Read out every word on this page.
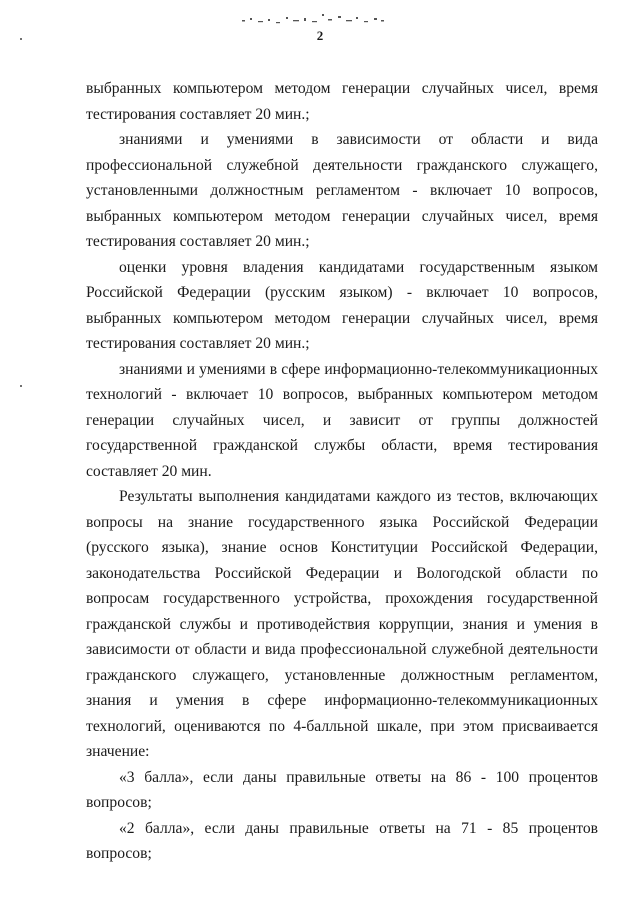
2

выбранных компьютером методом генерации случайных чисел, время тестирования составляет 20 мин.;

знаниями и умениями в зависимости от области и вида профессиональной служебной деятельности гражданского служащего, установленными должностным регламентом - включает 10 вопросов, выбранных компьютером методом генерации случайных чисел, время тестирования составляет 20 мин.;

оценки уровня владения кандидатами государственным языком Российской Федерации (русским языком) - включает 10 вопросов, выбранных компьютером методом генерации случайных чисел, время тестирования составляет 20 мин.;

знаниями и умениями в сфере информационно-телекоммуникационных технологий - включает 10 вопросов, выбранных компьютером методом генерации случайных чисел, и зависит от группы должностей государственной гражданской службы области, время тестирования составляет 20 мин.

Результаты выполнения кандидатами каждого из тестов, включающих вопросы на знание государственного языка Российской Федерации (русского языка), знание основ Конституции Российской Федерации, законодательства Российской Федерации и Вологодской области по вопросам государственного устройства, прохождения государственной гражданской службы и противодействия коррупции, знания и умения в зависимости от области и вида профессиональной служебной деятельности гражданского служащего, установленные должностным регламентом, знания и умения в сфере информационно-телекоммуникационных технологий, оцениваются по 4-балльной шкале, при этом присваивается значение:

«3 балла», если даны правильные ответы на 86 - 100 процентов вопросов;

«2 балла», если даны правильные ответы на 71 - 85 процентов вопросов;
